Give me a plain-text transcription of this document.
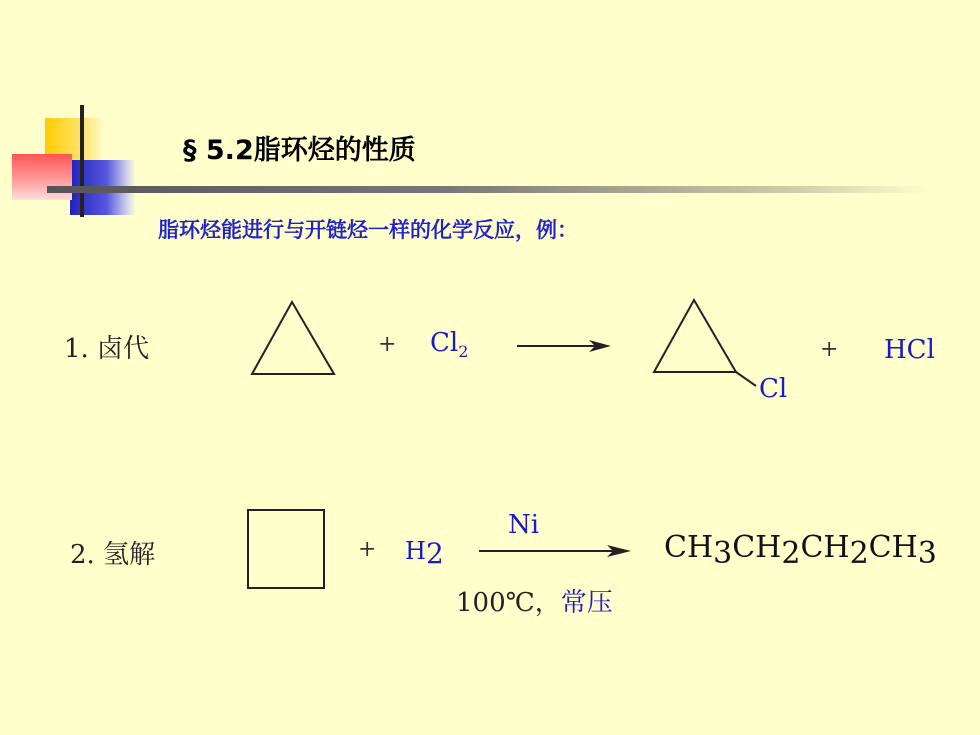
§ 5.2脂环烃的性质
脂环烃能进行与开链烃一样的化学反应，例：
1. 卤代	+ $Cl_2$
Cl
+ HCl
2. 氢解	+ H2
Ni
100℃，常压
$CH_3CH_2CH_2CH_3$
